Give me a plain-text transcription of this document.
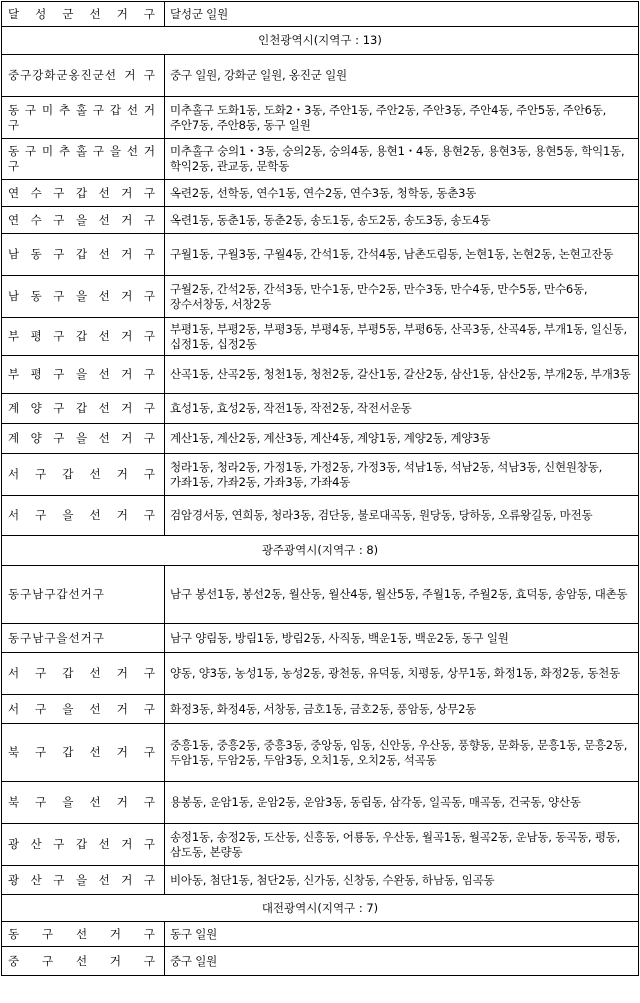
달 성 군 선 거 구	달성군 일원
인천광역시(지역구 : 13)	
중구강화군옹진군선 거 구	중구 일원, 강화군 일원, 옹진군 일원
동 구 미 추 홀 구 갑 선 거 구	미추홀구 도화1동, 도화2・3동, 주안1동, 주안2동, 주안3동, 주안4동, 주안5동, 주안6동, 주안7동, 주안8동, 동구 일원
동 구 미 추 홀 구 을 선 거 구	미추홀구 숭의1・3동, 숭의2동, 숭의4동, 용현1・4동, 용현2동, 용현3동, 용현5동, 학익1동, 학익2동, 관교동, 문학동
연 수 구 갑 선 거 구	옥련2동, 선학동, 연수1동, 연수2동, 연수3동, 청학동, 동춘3동
연 수 구 을 선 거 구	옥련1동, 동춘1동, 동춘2동, 송도1동, 송도2동, 송도3동, 송도4동
남 동 구 갑 선 거 구	구월1동, 구월3동, 구월4동, 간석1동, 간석4동, 남촌도림동, 논현1동, 논현2동, 논현고잔동
남 동 구 을 선 거 구	구월2동, 간석2동, 간석3동, 만수1동, 만수2동, 만수3동, 만수4동, 만수5동, 만수6동, 장수서창동, 서창2동
부 평 구 갑 선 거 구	부평1동, 부평2동, 부평3동, 부평4동, 부평5동, 부평6동, 산곡3동, 산곡4동, 부개1동, 일신동, 십정1동, 십정2동
부 평 구 을 선 거 구	산곡1동, 산곡2동, 청천1동, 청천2동, 갈산1동, 갈산2동, 삼산1동, 삼산2동, 부개2동, 부개3동
계 양 구 갑 선 거 구	효성1동, 효성2동, 작전1동, 작전2동, 작전서운동
계 양 구 을 선 거 구	계산1동, 계산2동, 계산3동, 계산4동, 계양1동, 계양2동, 계양3동
서 구 갑 선 거 구	청라1동, 청라2동, 가정1동, 가정2동, 가정3동, 석남1동, 석남2동, 석남3동, 신현원창동, 가좌1동, 가좌2동, 가좌3동, 가좌4동
서 구 을 선 거 구	검암경서동, 연희동, 청라3동, 검단동, 불로대곡동, 원당동, 당하동, 오류왕길동, 마전동
광주광역시(지역구 : 8)	
동구남구갑선거구	남구 봉선1동, 봉선2동, 월산동, 월산4동, 월산5동, 주월1동, 주월2동, 효덕동, 송암동, 대촌동
동구남구을선거구	남구 양림동, 방림1동, 방림2동, 사직동, 백운1동, 백운2동, 동구 일원
서 구 갑 선 거 구	양동, 양3동, 농성1동, 농성2동, 광천동, 유덕동, 치평동, 상무1동, 화정1동, 화정2동, 동천동
서 구 을 선 거 구	화정3동, 화정4동, 서창동, 금호1동, 금호2동, 풍암동, 상무2동
북 구 갑 선 거 구	중흥1동, 중흥2동, 중흥3동, 중앙동, 임동, 신안동, 우산동, 풍향동, 문화동, 문흥1동, 문흥2동, 두암1동, 두암2동, 두암3동, 오치1동, 오치2동, 석곡동
북 구 을 선 거 구	용봉동, 운암1동, 운암2동, 운암3동, 동림동, 삼각동, 일곡동, 매곡동, 건국동, 양산동
광 산 구 갑 선 거 구	송정1동, 송정2동, 도산동, 신흥동, 어룡동, 우산동, 월곡1동, 월곡2동, 운남동, 동곡동, 평동, 삼도동, 본량동
광 산 구 을 선 거 구	비아동, 첨단1동, 첨단2동, 신가동, 신창동, 수완동, 하남동, 임곡동
대전광역시(지역구 : 7)	
동 구 선 거 구	동구 일원
중 구 선 거 구	중구 일원
